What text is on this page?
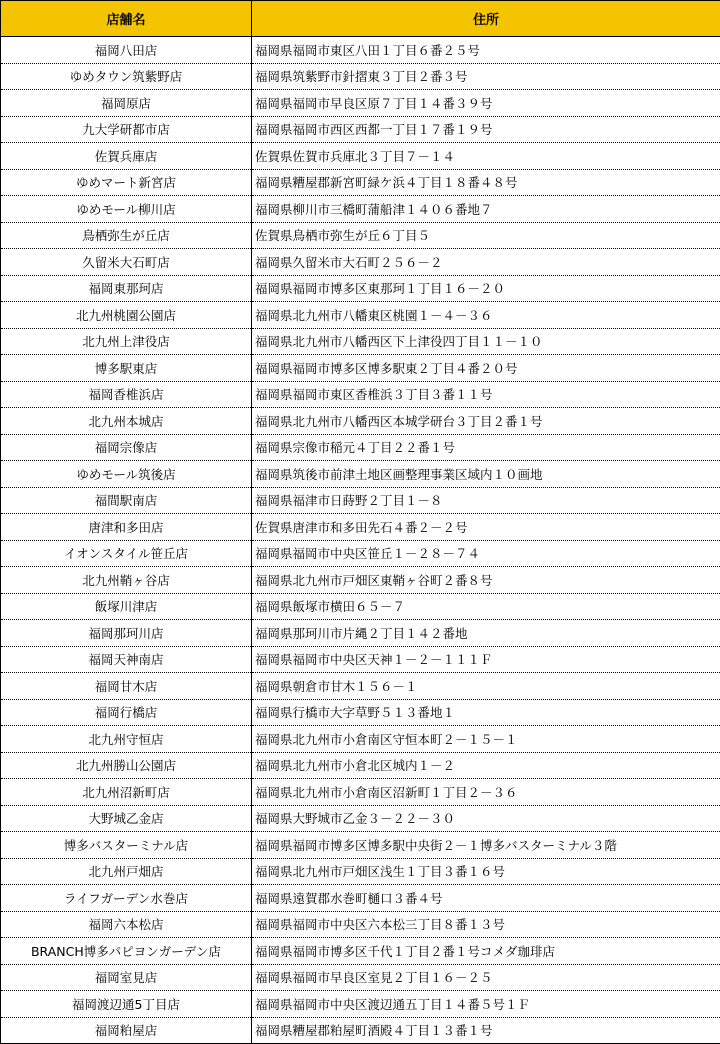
店舗名	住所
福岡八田店	福岡県福岡市東区八田１丁目６番２５号
ゆめタウン筑紫野店	福岡県筑紫野市針摺東３丁目２番３号
福岡原店	福岡県福岡市早良区原７丁目１４番３９号
九大学研都市店	福岡県福岡市西区西都一丁目１７番１９号
佐賀兵庫店	佐賀県佐賀市兵庫北３丁目７－１４
ゆめマート新宮店	福岡県糟屋郡新宮町緑ケ浜４丁目１８番４８号
ゆめモール柳川店	福岡県柳川市三橋町蒲船津１４０６番地７
鳥栖弥生が丘店	佐賀県鳥栖市弥生が丘６丁目５
久留米大石町店	福岡県久留米市大石町２５６－２
福岡東那珂店	福岡県福岡市博多区東那珂１丁目１６－２０
北九州桃園公園店	福岡県北九州市八幡東区桃園１－４－３６
北九州上津役店	福岡県北九州市八幡西区下上津役四丁目１１－１０
博多駅東店	福岡県福岡市博多区博多駅東２丁目４番２０号
福岡香椎浜店	福岡県福岡市東区香椎浜３丁目３番１１号
北九州本城店	福岡県北九州市八幡西区本城学研台３丁目２番１号
福岡宗像店	福岡県宗像市稲元４丁目２２番１号
ゆめモール筑後店	福岡県筑後市前津土地区画整理事業区域内１０画地
福間駅南店	福岡県福津市日蒔野２丁目１－８
唐津和多田店	佐賀県唐津市和多田先石４番２－２号
イオンスタイル笹丘店	福岡県福岡市中央区笹丘１－２８－７４
北九州鞘ヶ谷店	福岡県北九州市戸畑区東鞘ヶ谷町２番８号
飯塚川津店	福岡県飯塚市横田６５－７
福岡那珂川店	福岡県那珂川市片縄２丁目１４２番地
福岡天神南店	福岡県福岡市中央区天神１－２－１１１Ｆ
福岡甘木店	福岡県朝倉市甘木１５６－１
福岡行橋店	福岡県行橋市大字草野５１３番地１
北九州守恒店	福岡県北九州市小倉南区守恒本町２－１５－１
北九州勝山公園店	福岡県北九州市小倉北区城内１－２
北九州沼新町店	福岡県北九州市小倉南区沼新町１丁目２－３６
大野城乙金店	福岡県大野城市乙金３－２２－３０
博多バスターミナル店	福岡県福岡市博多区博多駅中央街２－１博多バスターミナル３階
北九州戸畑店	福岡県北九州市戸畑区浅生１丁目３番１６号
ライフガーデン水巻店	福岡県遠賀郡水巻町樋口３番４号
福岡六本松店	福岡県福岡市中央区六本松三丁目８番１３号
BRANCH博多パピヨンガーデン店	福岡県福岡市博多区千代１丁目２番１号コメダ珈琲店
福岡室見店	福岡県福岡市早良区室見２丁目１６－２５
福岡渡辺通5丁目店	福岡県福岡市中央区渡辺通五丁目１４番５号１Ｆ
福岡粕屋店	福岡県糟屋郡粕屋町酒殿４丁目１３番１号
